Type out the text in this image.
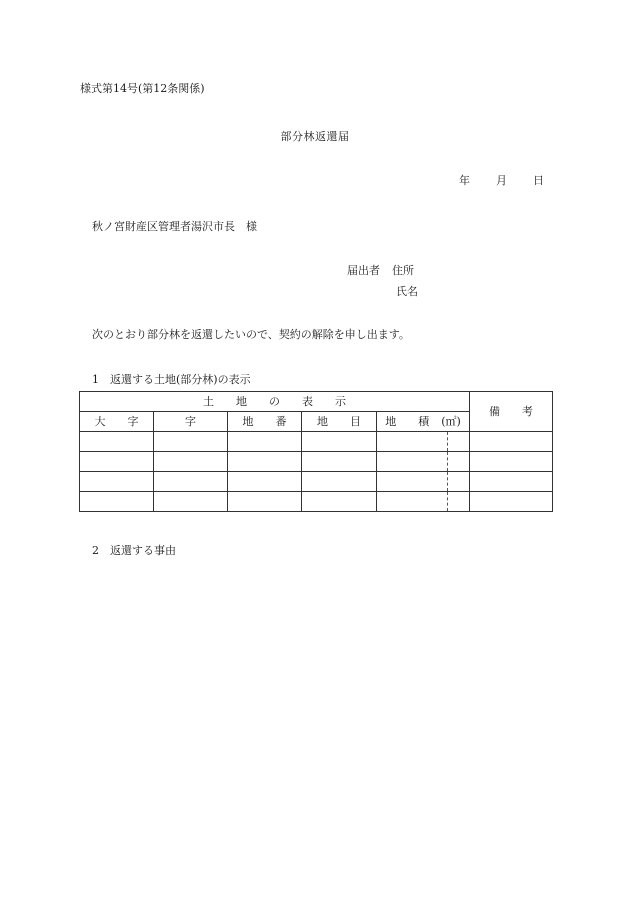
様式第14号(第12条関係)
部分林返還届
年 月 日
秋ノ宮財産区管理者湯沢市長　様
届出者 住所
氏名
次のとおり部分林を返還したいので、契約の解除を申し出ます。
1　返還する土地(部分林)の表示
土　　地　　の　　表　　示					備　　考
大　　字	字	地　　番	地　　目	地　　積 (㎡)	

2　返還する事由
